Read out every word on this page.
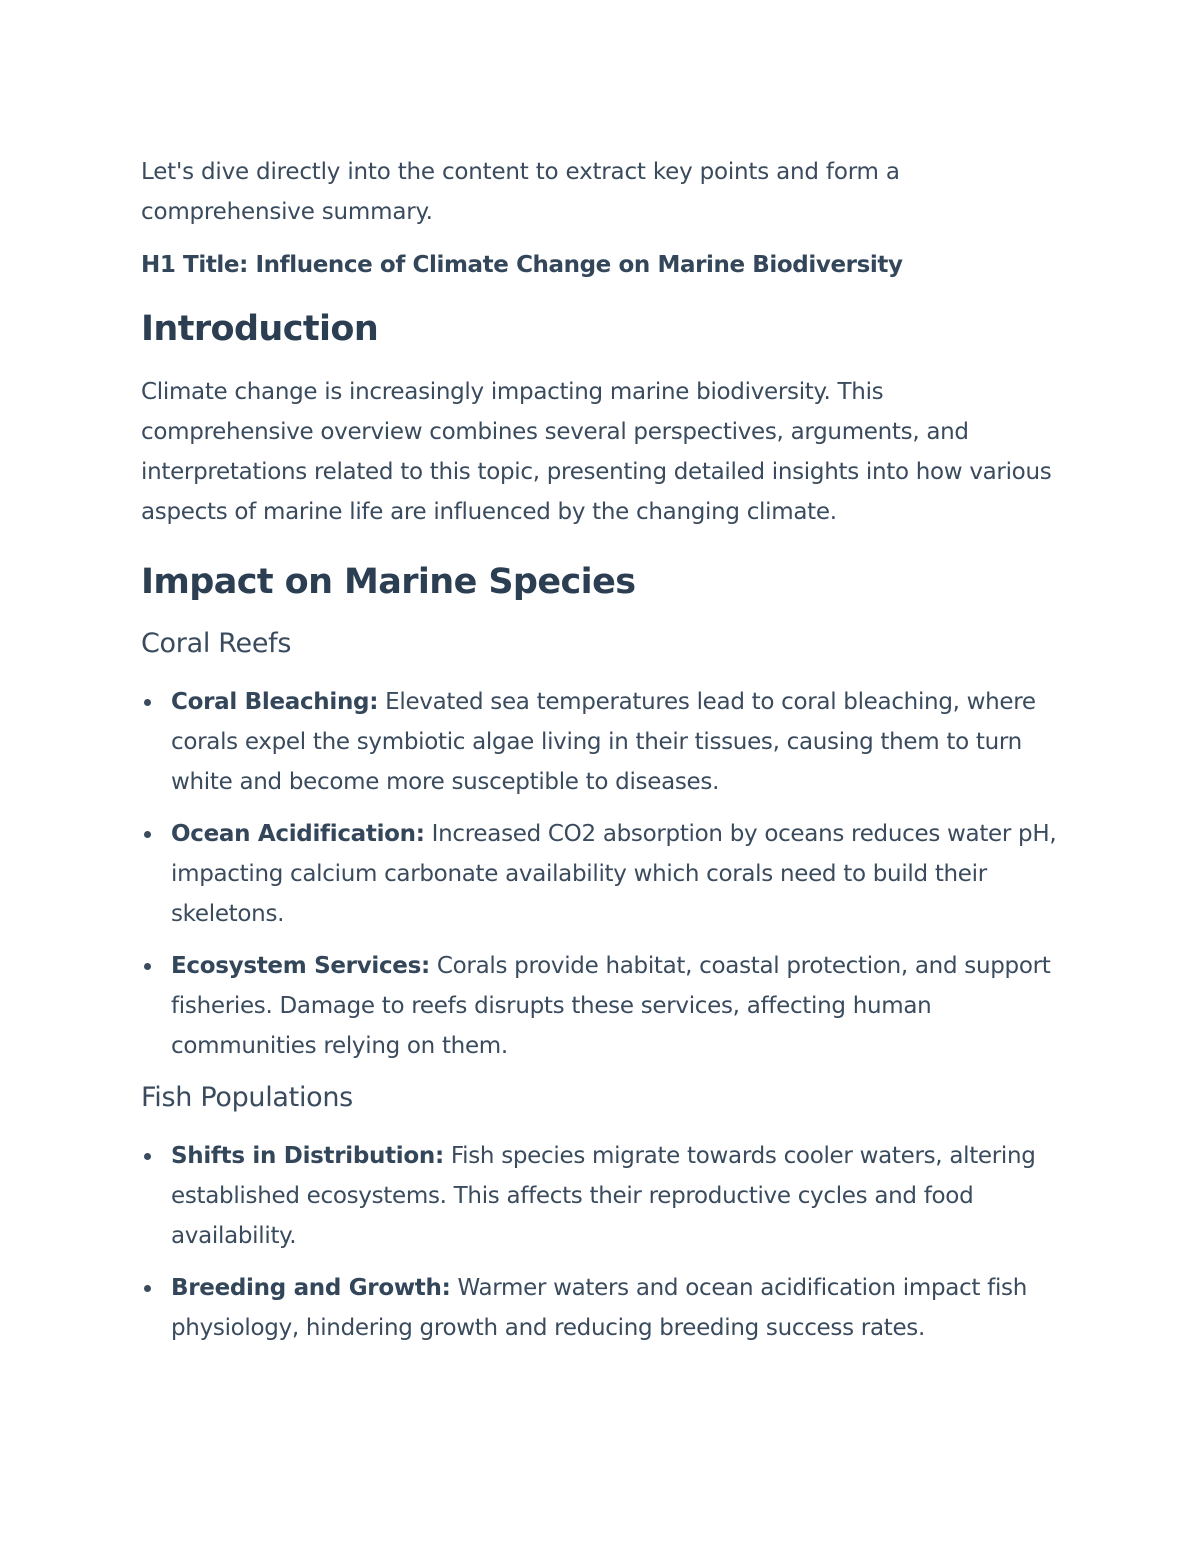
Let's dive directly into the content to extract key points and form a comprehensive summary.

H1 Title: Influence of Climate Change on Marine Biodiversity

Introduction

Climate change is increasingly impacting marine biodiversity. This comprehensive overview combines several perspectives, arguments, and interpretations related to this topic, presenting detailed insights into how various aspects of marine life are influenced by the changing climate.

Impact on Marine Species
Coral Reefs
Coral Bleaching: Elevated sea temperatures lead to coral bleaching, where corals expel the symbiotic algae living in their tissues, causing them to turn white and become more susceptible to diseases.
Ocean Acidification: Increased CO2 absorption by oceans reduces water pH, impacting calcium carbonate availability which corals need to build their skeletons.
Ecosystem Services: Corals provide habitat, coastal protection, and support fisheries. Damage to reefs disrupts these services, affecting human communities relying on them.
Fish Populations
Shifts in Distribution: Fish species migrate towards cooler waters, altering established ecosystems. This affects their reproductive cycles and food availability.
Breeding and Growth: Warmer waters and ocean acidification impact fish physiology, hindering growth and reducing breeding success rates.
